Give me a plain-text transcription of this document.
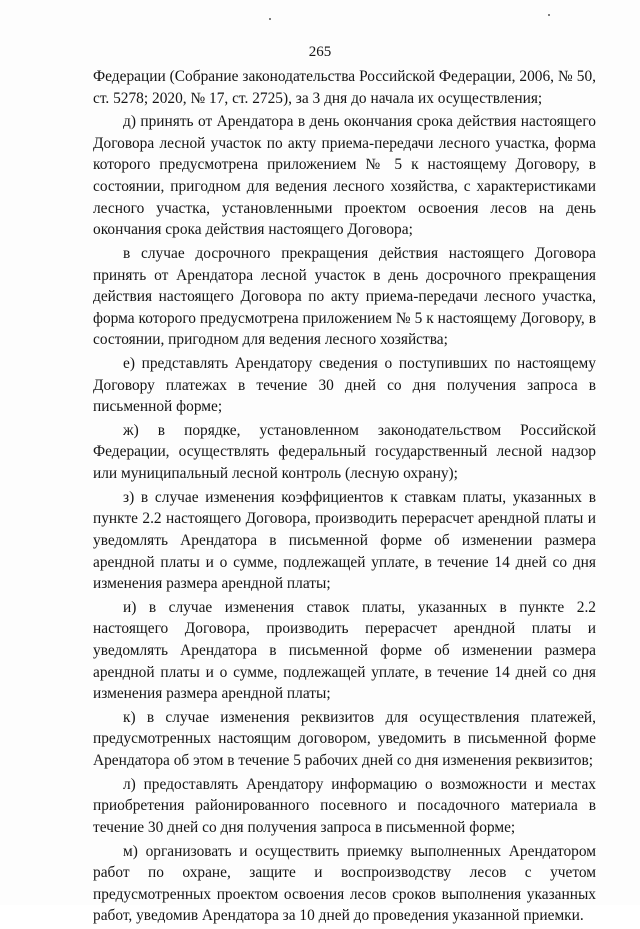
265

Федерации (Собрание законодательства Российской Федерации, 2006, № 50, ст. 5278; 2020, № 17, ст. 2725), за 3 дня до начала их осуществления;

д) принять от Арендатора в день окончания срока действия настоящего Договора лесной участок по акту приема-передачи лесного участка, форма которого предусмотрена приложением № 5 к настоящему Договору, в состоянии, пригодном для ведения лесного хозяйства, с характеристиками лесного участка, установленными проектом освоения лесов на день окончания срока действия настоящего Договора;

в случае досрочного прекращения действия настоящего Договора принять от Арендатора лесной участок в день досрочного прекращения действия настоящего Договора по акту приема-передачи лесного участка, форма которого предусмотрена приложением № 5 к настоящему Договору, в состоянии, пригодном для ведения лесного хозяйства;

е) представлять Арендатору сведения о поступивших по настоящему Договору платежах в течение 30 дней со дня получения запроса в письменной форме;

ж) в порядке, установленном законодательством Российской Федерации, осуществлять федеральный государственный лесной надзор или муниципальный лесной контроль (лесную охрану);

з) в случае изменения коэффициентов к ставкам платы, указанных в пункте 2.2 настоящего Договора, производить перерасчет арендной платы и уведомлять Арендатора в письменной форме об изменении размера арендной платы и о сумме, подлежащей уплате, в течение 14 дней со дня изменения размера арендной платы;

и) в случае изменения ставок платы, указанных в пункте 2.2 настоящего Договора, производить перерасчет арендной платы и уведомлять Арендатора в письменной форме об изменении размера арендной платы и о сумме, подлежащей уплате, в течение 14 дней со дня изменения размера арендной платы;

к) в случае изменения реквизитов для осуществления платежей, предусмотренных настоящим договором, уведомить в письменной форме Арендатора об этом в течение 5 рабочих дней со дня изменения реквизитов;

л) предоставлять Арендатору информацию о возможности и местах приобретения районированного посевного и посадочного материала в течение 30 дней со дня получения запроса в письменной форме;

м) организовать и осуществить приемку выполненных Арендатором работ по охране, защите и воспроизводству лесов с учетом предусмотренных проектом освоения лесов сроков выполнения указанных работ, уведомив Арендатора за 10 дней до проведения указанной приемки.
